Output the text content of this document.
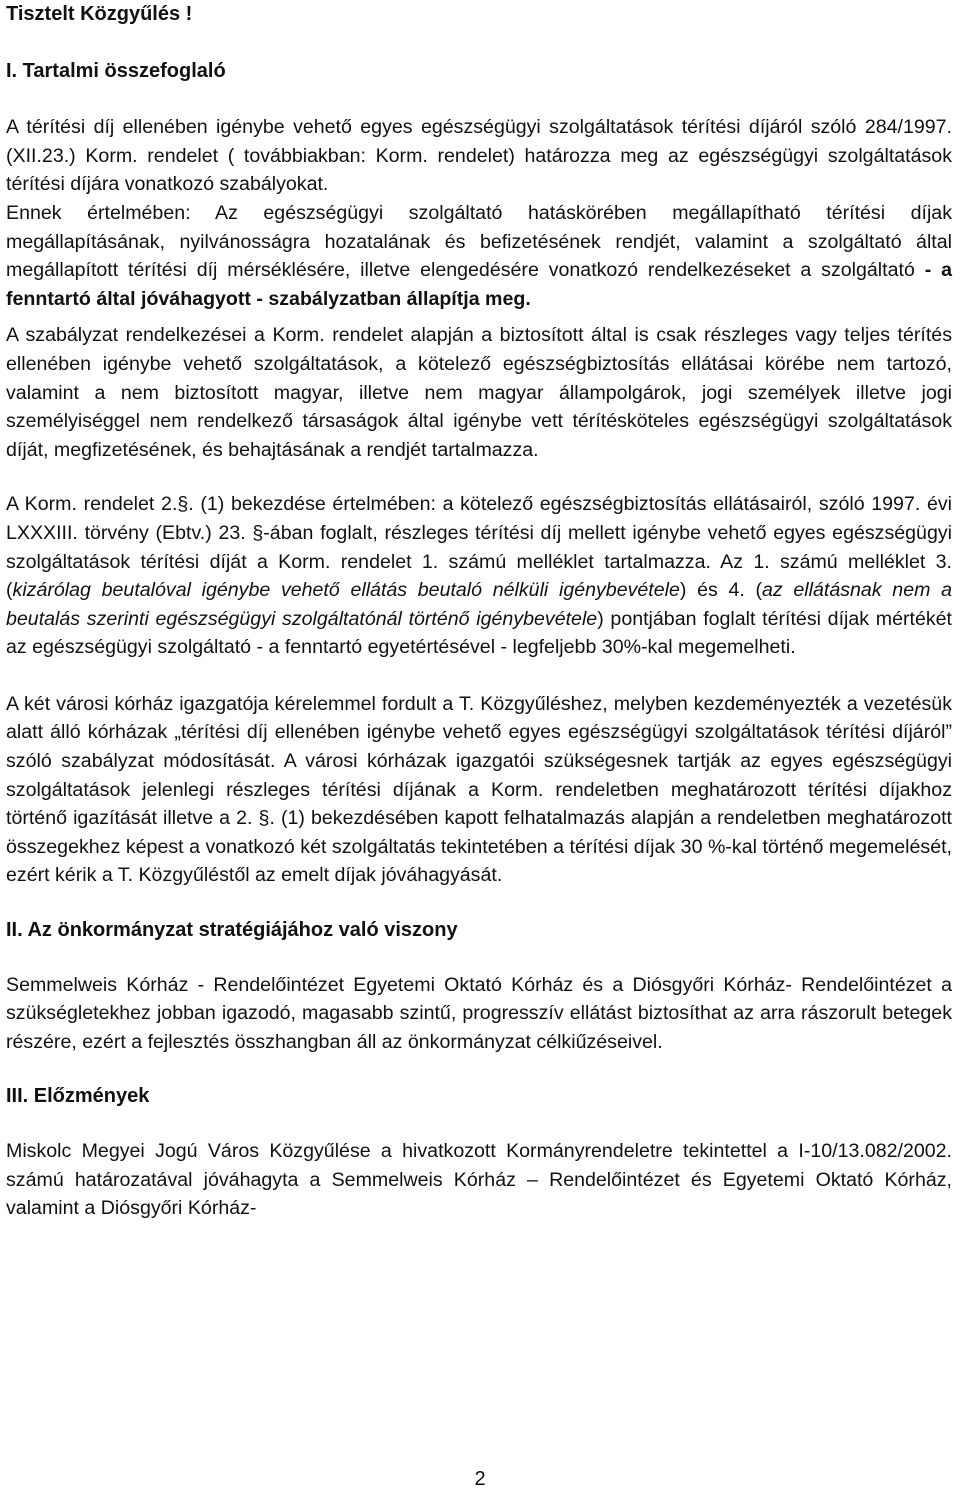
Tisztelt Közgyűlés !

I. Tartalmi összefoglaló

A térítési díj ellenében igénybe vehető egyes egészségügyi szolgáltatások térítési díjáról szóló 284/1997. (XII.23.) Korm. rendelet ( továbbiakban: Korm. rendelet) határozza meg az egészségügyi szolgáltatások térítési díjára vonatkozó szabályokat.

Ennek értelmében: Az egészségügyi szolgáltató hatáskörében megállapítható térítési díjak megállapításának, nyilvánosságra hozatalának és befizetésének rendjét, valamint a szolgáltató által megállapított térítési díj mérséklésére, illetve elengedésére vonatkozó rendelkezéseket a szolgáltató - a fenntartó által jóváhagyott - szabályzatban állapítja meg.

A szabályzat rendelkezései a Korm. rendelet alapján a biztosított által is csak részleges vagy teljes térítés ellenében igénybe vehető szolgáltatások, a kötelező egészségbiztosítás ellátásai körébe nem tartozó, valamint a nem biztosított magyar, illetve nem magyar állampolgárok, jogi személyek illetve jogi személyiséggel nem rendelkező társaságok által igénybe vett térítésköteles egészségügyi szolgáltatások díját, megfizetésének, és behajtásának a rendjét tartalmazza.

A Korm. rendelet 2.§. (1) bekezdése értelmében: a kötelező egészségbiztosítás ellátásairól, szóló 1997. évi LXXXIII. törvény (Ebtv.) 23. §-ában foglalt, részleges térítési díj mellett igénybe vehető egyes egészségügyi szolgáltatások térítési díját a Korm. rendelet 1. számú melléklet tartalmazza. Az 1. számú melléklet 3. (kizárólag beutalóval igénybe vehető ellátás beutaló nélküli igénybevétele) és 4. (az ellátásnak nem a beutalás szerinti egészségügyi szolgáltatónál történő igénybevétele) pontjában foglalt térítési díjak mértékét az egészségügyi szolgáltató - a fenntartó egyetértésével - legfeljebb 30%-kal megemelheti.

A két városi kórház igazgatója kérelemmel fordult a T. Közgyűléshez, melyben kezdeményezték a vezetésük alatt álló kórházak „térítési díj ellenében igénybe vehető egyes egészségügyi szolgáltatások térítési díjáról” szóló szabályzat módosítását. A városi kórházak igazgatói szükségesnek tartják az egyes egészségügyi szolgáltatások jelenlegi részleges térítési díjának a Korm. rendeletben meghatározott térítési díjakhoz történő igazítását illetve a 2. §. (1) bekezdésében kapott felhatalmazás alapján a rendeletben meghatározott összegekhez képest a vonatkozó két szolgáltatás tekintetében a térítési díjak 30 %-kal történő megemelését, ezért kérik a T. Közgyűléstől az emelt díjak jóváhagyását.

II. Az önkormányzat stratégiájához való viszony

Semmelweis Kórház - Rendelőintézet Egyetemi Oktató Kórház és a Diósgyőri Kórház- Rendelőintézet a szükségletekhez jobban igazodó, magasabb szintű, progresszív ellátást biztosíthat az arra rászorult betegek részére, ezért a fejlesztés összhangban áll az önkormányzat célkiűzéseivel.

III. Előzmények

Miskolc Megyei Jogú Város Közgyűlése a hivatkozott Kormányrendeletre tekintettel a I-10/13.082/2002. számú határozatával jóváhagyta a Semmelweis Kórház – Rendelőintézet és Egyetemi Oktató Kórház, valamint a Diósgyőri Kórház-

2
